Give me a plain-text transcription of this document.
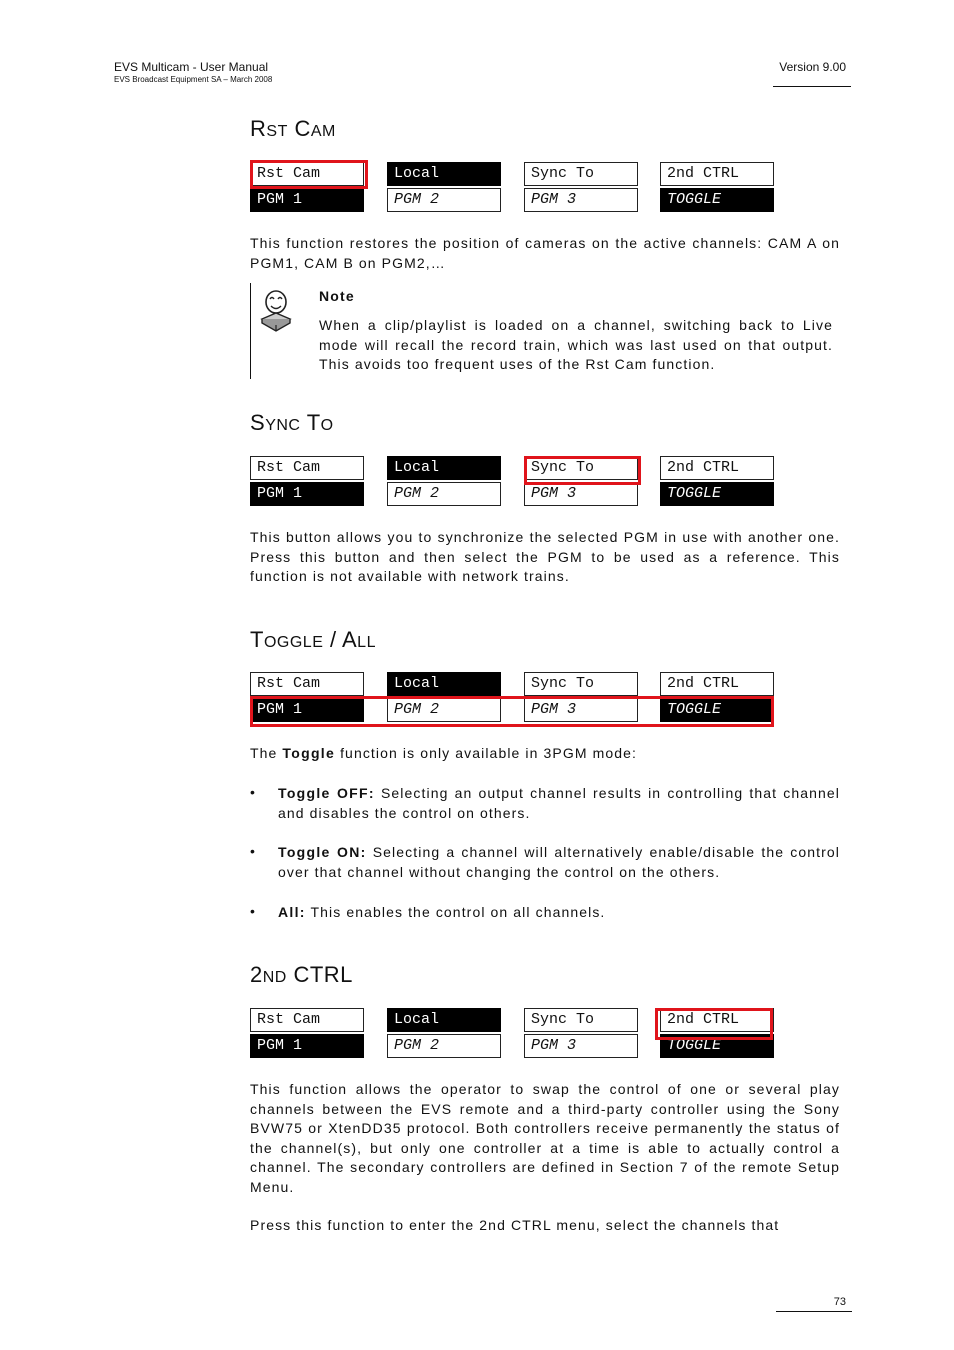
EVS Multicam - User Manual
EVS Broadcast Equipment SA – March 2008
Version 9.00
RST CAM
Rst Cam	Local	Sync To	2nd CTRL
PGM 1	PGM 2	PGM 3	TOGGLE
This function restores the position of cameras on the active channels: CAM A on PGM1, CAM B on PGM2,…
Note
When a clip/playlist is loaded on a channel, switching back to Live mode will recall the record train, which was last used on that output. This avoids too frequent uses of the Rst Cam function.
SYNC TO
Rst Cam	Local	Sync To	2nd CTRL
PGM 1	PGM 2	PGM 3	TOGGLE
This button allows you to synchronize the selected PGM in use with another one. Press this button and then select the PGM to be used as a reference. This function is not available with network trains.
TOGGLE / ALL
Rst Cam	Local	Sync To	2nd CTRL
PGM 1	PGM 2	PGM 3	TOGGLE
The Toggle function is only available in 3PGM mode:
• Toggle OFF: Selecting an output channel results in controlling that channel and disables the control on others.
• Toggle ON: Selecting a channel will alternatively enable/disable the control over that channel without changing the control on the others.
• All: This enables the control on all channels.
2ND CTRL
Rst Cam	Local	Sync To	2nd CTRL
PGM 1	PGM 2	PGM 3	TOGGLE
This function allows the operator to swap the control of one or several play channels between the EVS remote and a third-party controller using the Sony BVW75 or XtenDD35 protocol. Both controllers receive permanently the status of the channel(s), but only one controller at a time is able to actually control a channel. The secondary controllers are defined in Section 7 of the remote Setup Menu.
Press this function to enter the 2nd CTRL menu, select the channels that
73
